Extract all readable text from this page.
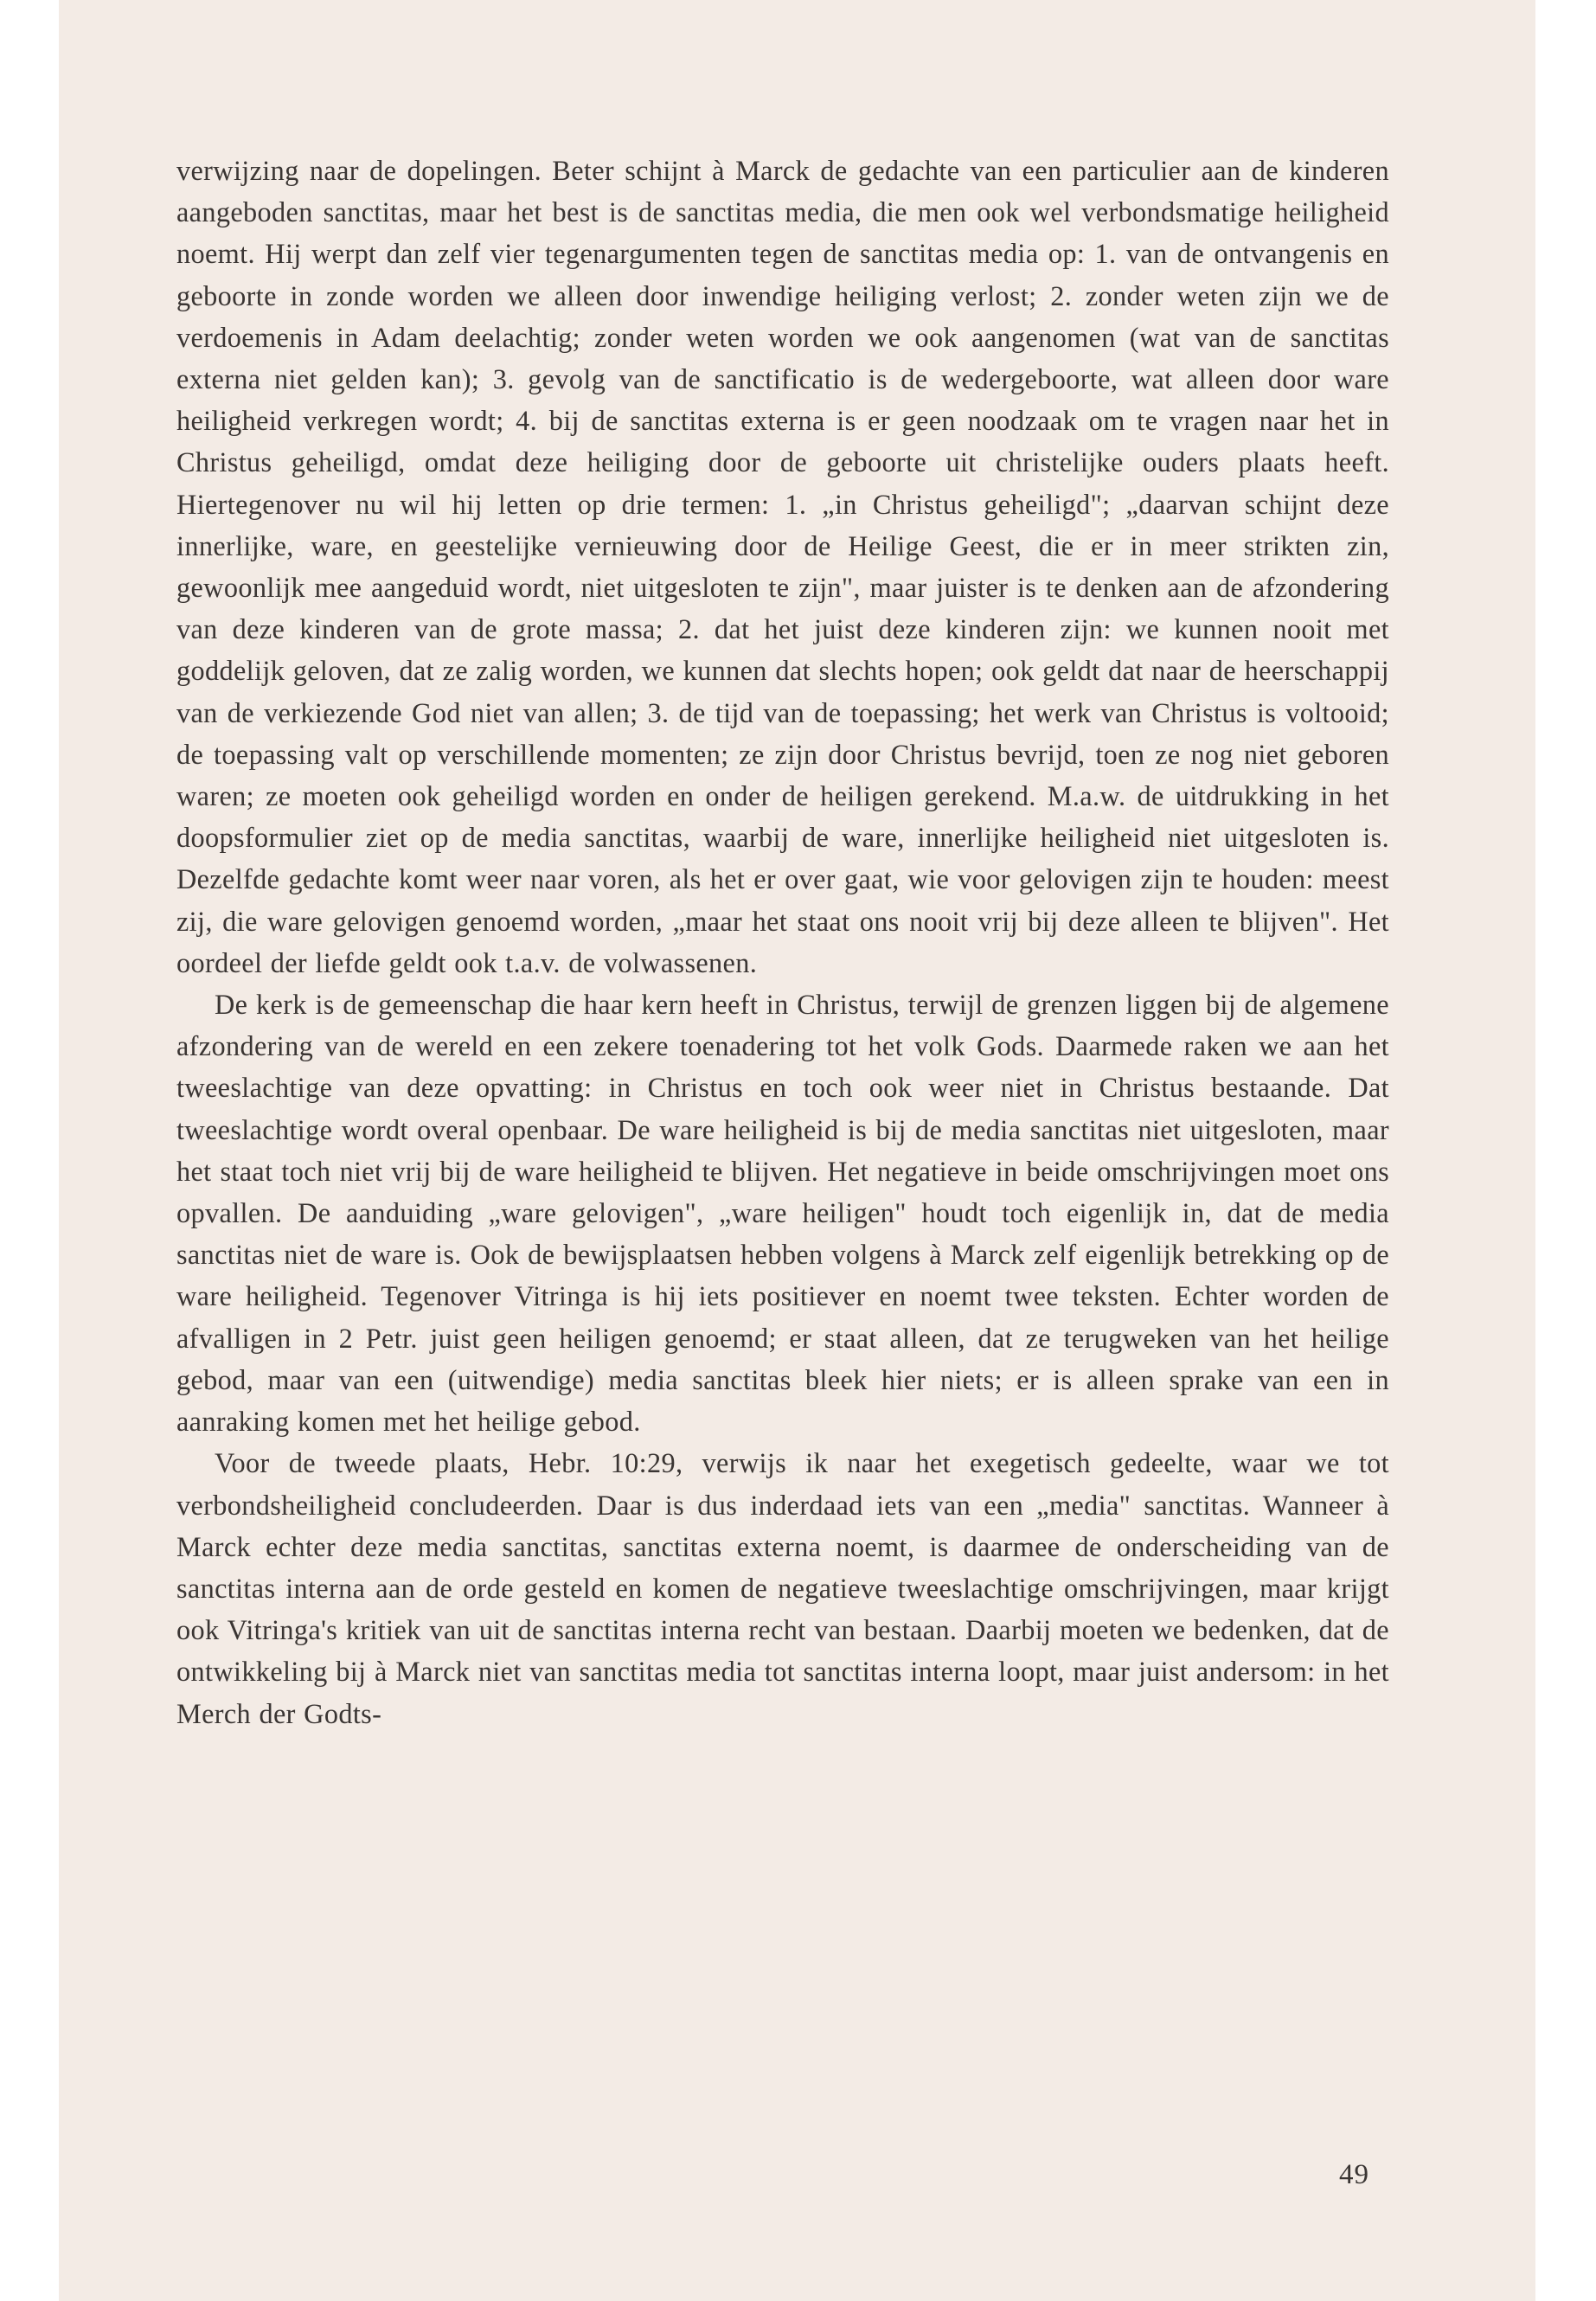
verwijzing naar de dopelingen. Beter schijnt à Marck de gedachte van een particulier aan de kinderen aangeboden sanctitas, maar het best is de sanctitas media, die men ook wel verbondsmatige heiligheid noemt. Hij werpt dan zelf vier tegenargumenten tegen de sanctitas media op: 1. van de ontvangenis en geboorte in zonde worden we alleen door inwendige heiliging verlost; 2. zonder weten zijn we de verdoemenis in Adam deelachtig; zonder weten worden we ook aangenomen (wat van de sanctitas externa niet gelden kan); 3. gevolg van de sanctificatio is de wedergeboorte, wat alleen door ware heiligheid verkregen wordt; 4. bij de sanctitas externa is er geen noodzaak om te vragen naar het in Christus geheiligd, omdat deze heiliging door de geboorte uit christelijke ouders plaats heeft. Hiertegenover nu wil hij letten op drie termen: 1. „in Christus geheiligd"; „daarvan schijnt deze innerlijke, ware, en geestelijke vernieuwing door de Heilige Geest, die er in meer strikten zin, gewoonlijk mee aangeduid wordt, niet uitgesloten te zijn", maar juister is te denken aan de afzondering van deze kinderen van de grote massa; 2. dat het juist deze kinderen zijn: we kunnen nooit met goddelijk geloven, dat ze zalig worden, we kunnen dat slechts hopen; ook geldt dat naar de heerschappij van de verkiezende God niet van allen; 3. de tijd van de toepassing; het werk van Christus is voltooid; de toepassing valt op verschillende momenten; ze zijn door Christus bevrijd, toen ze nog niet geboren waren; ze moeten ook geheiligd worden en onder de heiligen gerekend. M.a.w. de uitdrukking in het doopsformulier ziet op de media sanctitas, waarbij de ware, innerlijke heiligheid niet uitgesloten is. Dezelfde gedachte komt weer naar voren, als het er over gaat, wie voor gelovigen zijn te houden: meest zij, die ware gelovigen genoemd worden, „maar het staat ons nooit vrij bij deze alleen te blijven". Het oordeel der liefde geldt ook t.a.v. de volwassenen.

De kerk is de gemeenschap die haar kern heeft in Christus, terwijl de grenzen liggen bij de algemene afzondering van de wereld en een zekere toenadering tot het volk Gods. Daarmede raken we aan het tweeslachtige van deze opvatting: in Christus en toch ook weer niet in Christus bestaande. Dat tweeslachtige wordt overal openbaar. De ware heiligheid is bij de media sanctitas niet uitgesloten, maar het staat toch niet vrij bij de ware heiligheid te blijven. Het negatieve in beide omschrijvingen moet ons opvallen. De aanduiding „ware gelovigen", „ware heiligen" houdt toch eigenlijk in, dat de media sanctitas niet de ware is. Ook de bewijsplaatsen hebben volgens à Marck zelf eigenlijk betrekking op de ware heiligheid. Tegenover Vitringa is hij iets positiever en noemt twee teksten. Echter worden de afvalligen in 2 Petr. juist geen heiligen genoemd; er staat alleen, dat ze terugweken van het heilige gebod, maar van een (uitwendige) media sanctitas bleek hier niets; er is alleen sprake van een in aanraking komen met het heilige gebod.

Voor de tweede plaats, Hebr. 10:29, verwijs ik naar het exegetisch gedeelte, waar we tot verbondsheiligheid concludeerden. Daar is dus inderdaad iets van een „media" sanctitas. Wanneer à Marck echter deze media sanctitas, sanctitas externa noemt, is daarmee de onderscheiding van de sanctitas interna aan de orde gesteld en komen de negatieve tweeslachtige omschrijvingen, maar krijgt ook Vitringa's kritiek van uit de sanctitas interna recht van bestaan. Daarbij moeten we bedenken, dat de ontwikkeling bij à Marck niet van sanctitas media tot sanctitas interna loopt, maar juist andersom: in het Merch der Godts-

49
